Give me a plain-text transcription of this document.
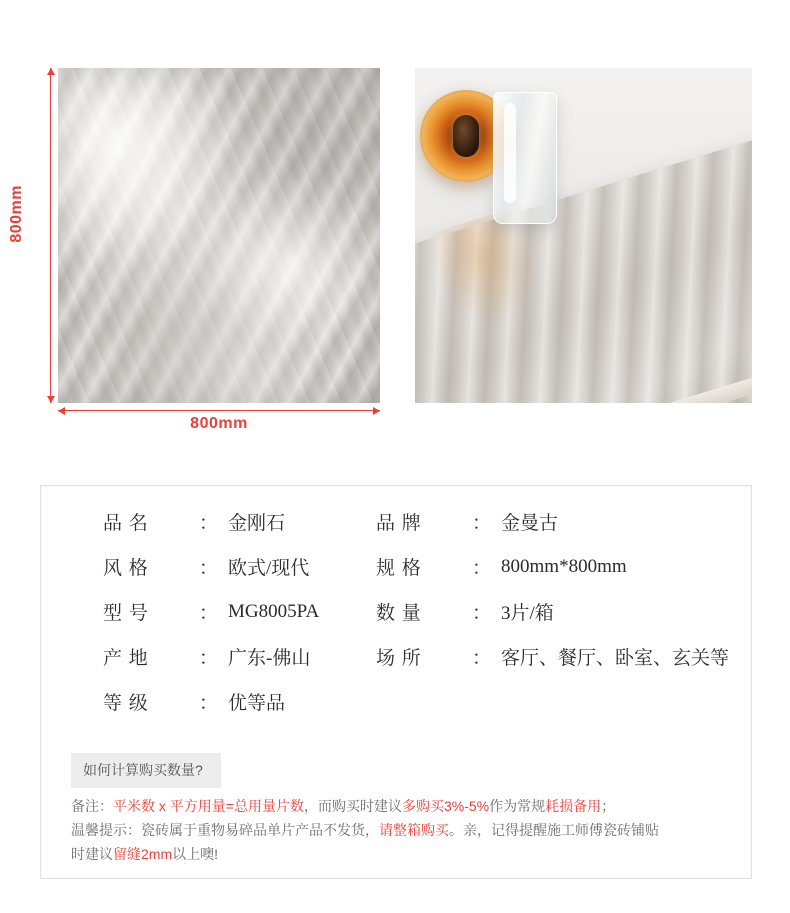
800mm
800mm
品 名	： 金刚石	品 牌	： 金曼古
风 格	： 欧式/现代	规 格	： 800mm*800mm
型 号	： MG8005PA	数 量	： 3片/箱
产 地	： 广东-佛山	场 所	： 客厅、餐厅、卧室、玄关等
等 级	： 优等品
如何计算购买数量?
备注：平米数 x 平方用量=总用量片数，而购买时建议多购买3%-5%作为常规耗损备用；
温馨提示：瓷砖属于重物易碎品单片产品不发货，请整箱购买。亲，记得提醒施工师傅瓷砖铺贴
时建议留缝2mm以上噢!
